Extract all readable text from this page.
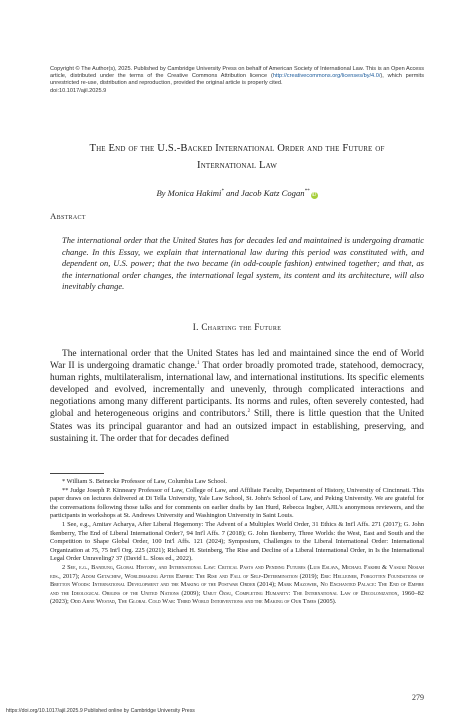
Copyright © The Author(s), 2025. Published by Cambridge University Press on behalf of American Society of International Law. This is an Open Access article, distributed under the terms of the Creative Commons Attribution licence (http://creativecommons.org/licenses/by/4.0/), which permits unrestricted re-use, distribution and reproduction, provided the original article is properly cited.
doi:10.1017/ajil.2025.9
The End of the U.S.-Backed International Order and the Future of
International Law
By Monica Hakimi* and Jacob Katz Cogan**iD
Abstract
The international order that the United States has for decades led and maintained is undergoing dramatic change. In this Essay, we explain that international law during this period was constituted with, and dependent on, U.S. power; that the two became (in odd-couple fashion) entwined together; and that, as the international order changes, the international legal system, its content and its architecture, will also inevitably change.
I. Charting the Future

The international order that the United States has led and maintained since the end of World War II is undergoing dramatic change.$^1$ That order broadly promoted trade, statehood, democracy, human rights, multilateralism, international law, and international institutions. Its specific elements developed and evolved, incrementally and unevenly, through complicated interactions and negotiations among many different participants. Its norms and rules, often severely contested, had global and heterogeneous origins and contributors.$^2$ Still, there is little question that the United States was its principal guarantor and had an outsized impact in establishing, preserving, and sustaining it. The order that for decades defined

* William S. Beinecke Professor of Law, Columbia Law School.

** Judge Joseph P. Kinneary Professor of Law, College of Law, and Affiliate Faculty, Department of History, University of Cincinnati. This paper draws on lectures delivered at Di Tella University, Yale Law School, St. John's School of Law, and Peking University. We are grateful for the conversations following those talks and for comments on earlier drafts by Ian Hurd, Rebecca Ingber, AJIL's anonymous reviewers, and the participants in workshops at St. Andrews University and Washington University in Saint Louis.

1 See, e.g., Amitav Acharya, After Liberal Hegemony: The Advent of a Multiplex World Order, 31 Ethics & Int'l Affs. 271 (2017); G. John Ikenberry, The End of Liberal International Order?, 94 Int'l Affs. 7 (2018); G. John Ikenberry, Three Worlds: the West, East and South and the Competition to Shape Global Order, 100 Int'l Affs. 121 (2024); Symposium, Challenges to the Liberal International Order: International Organization at 75, 75 Int'l Org. 225 (2021); Richard H. Steinberg, The Rise and Decline of a Liberal International Order, in Is the International Legal Order Unraveling? 37 (David L. Sloss ed., 2022).

2 See, e.g., Bandung, Global History, and International Law: Critical Pasts and Pending Futures (Luis Eslava, Michael Fakhri & Vasuki Nesiah eds., 2017); Adom Getachew, Worldmaking After Empire: The Rise and Fall of Self-Determination (2019); Eric Helleiner, Forgotten Foundations of Bretton Woods: International Development and the Making of the Postwar Order (2014); Mark Mazower, No Enchanted Palace: The End of Empire and the Ideological Origins of the United Nations (2009); Umut Özsu, Completing Humanity: The International Law of Decolonization, 1960–82 (2023); Odd Arne Westad, The Global Cold War: Third World Interventions and the Making of Our Times (2005).

279
https://doi.org/10.1017/ajil.2025.9 Published online by Cambridge University Press
